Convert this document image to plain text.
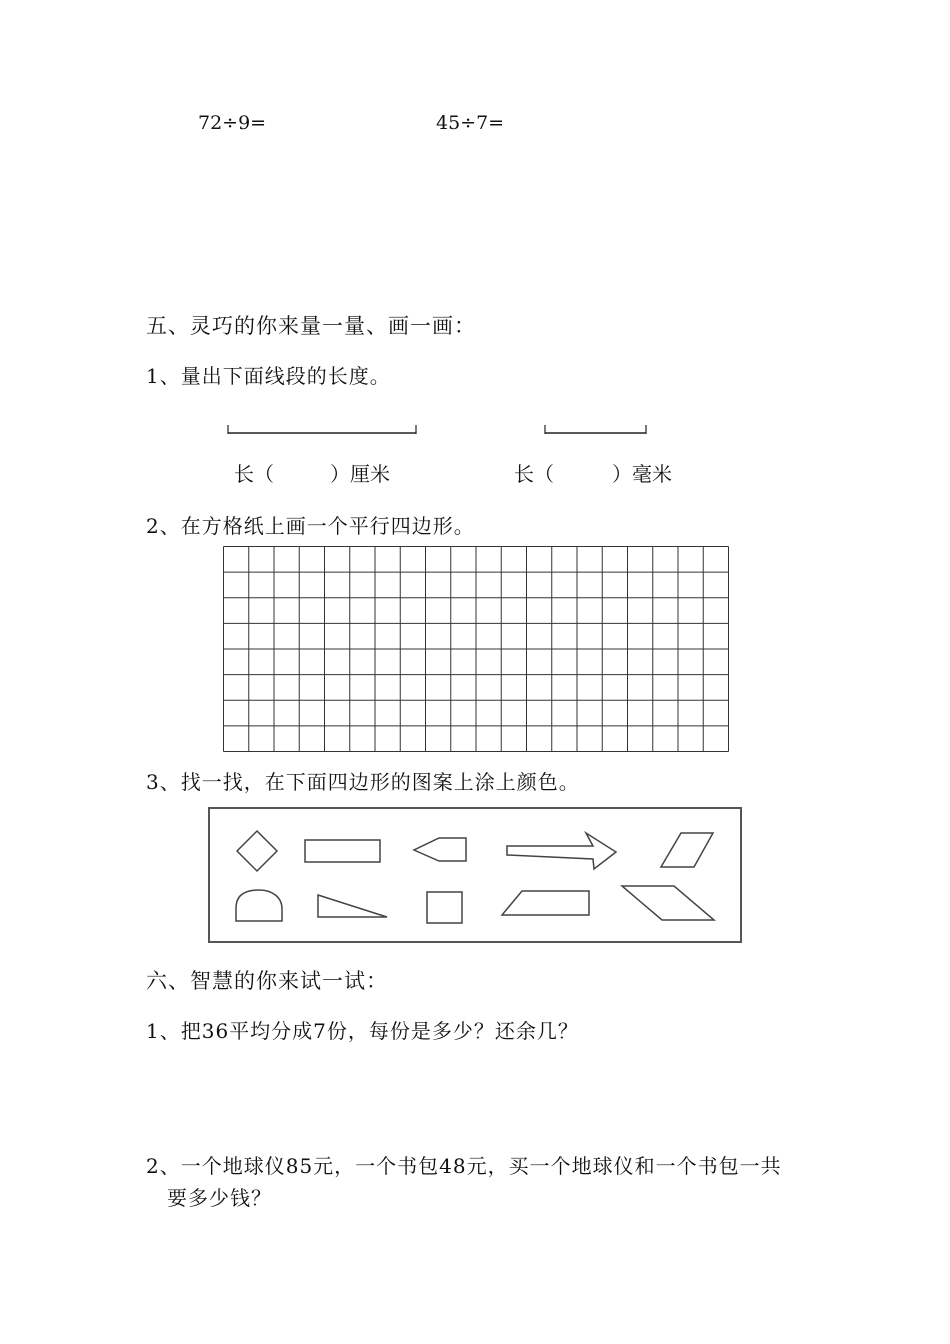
72÷9=	45÷7=
五、灵巧的你来量一量、画一画：
1、量出下面线段的长度。
长（	）厘米	长（	）毫米
2、在方格纸上画一个平行四边形。
3、找一找，在下面四边形的图案上涂上颜色。
六、智慧的你来试一试：
1、把36平均分成7份，每份是多少？还余几？
2、一个地球仪85元，一个书包48元，买一个地球仪和一个书包一共
要多少钱？
